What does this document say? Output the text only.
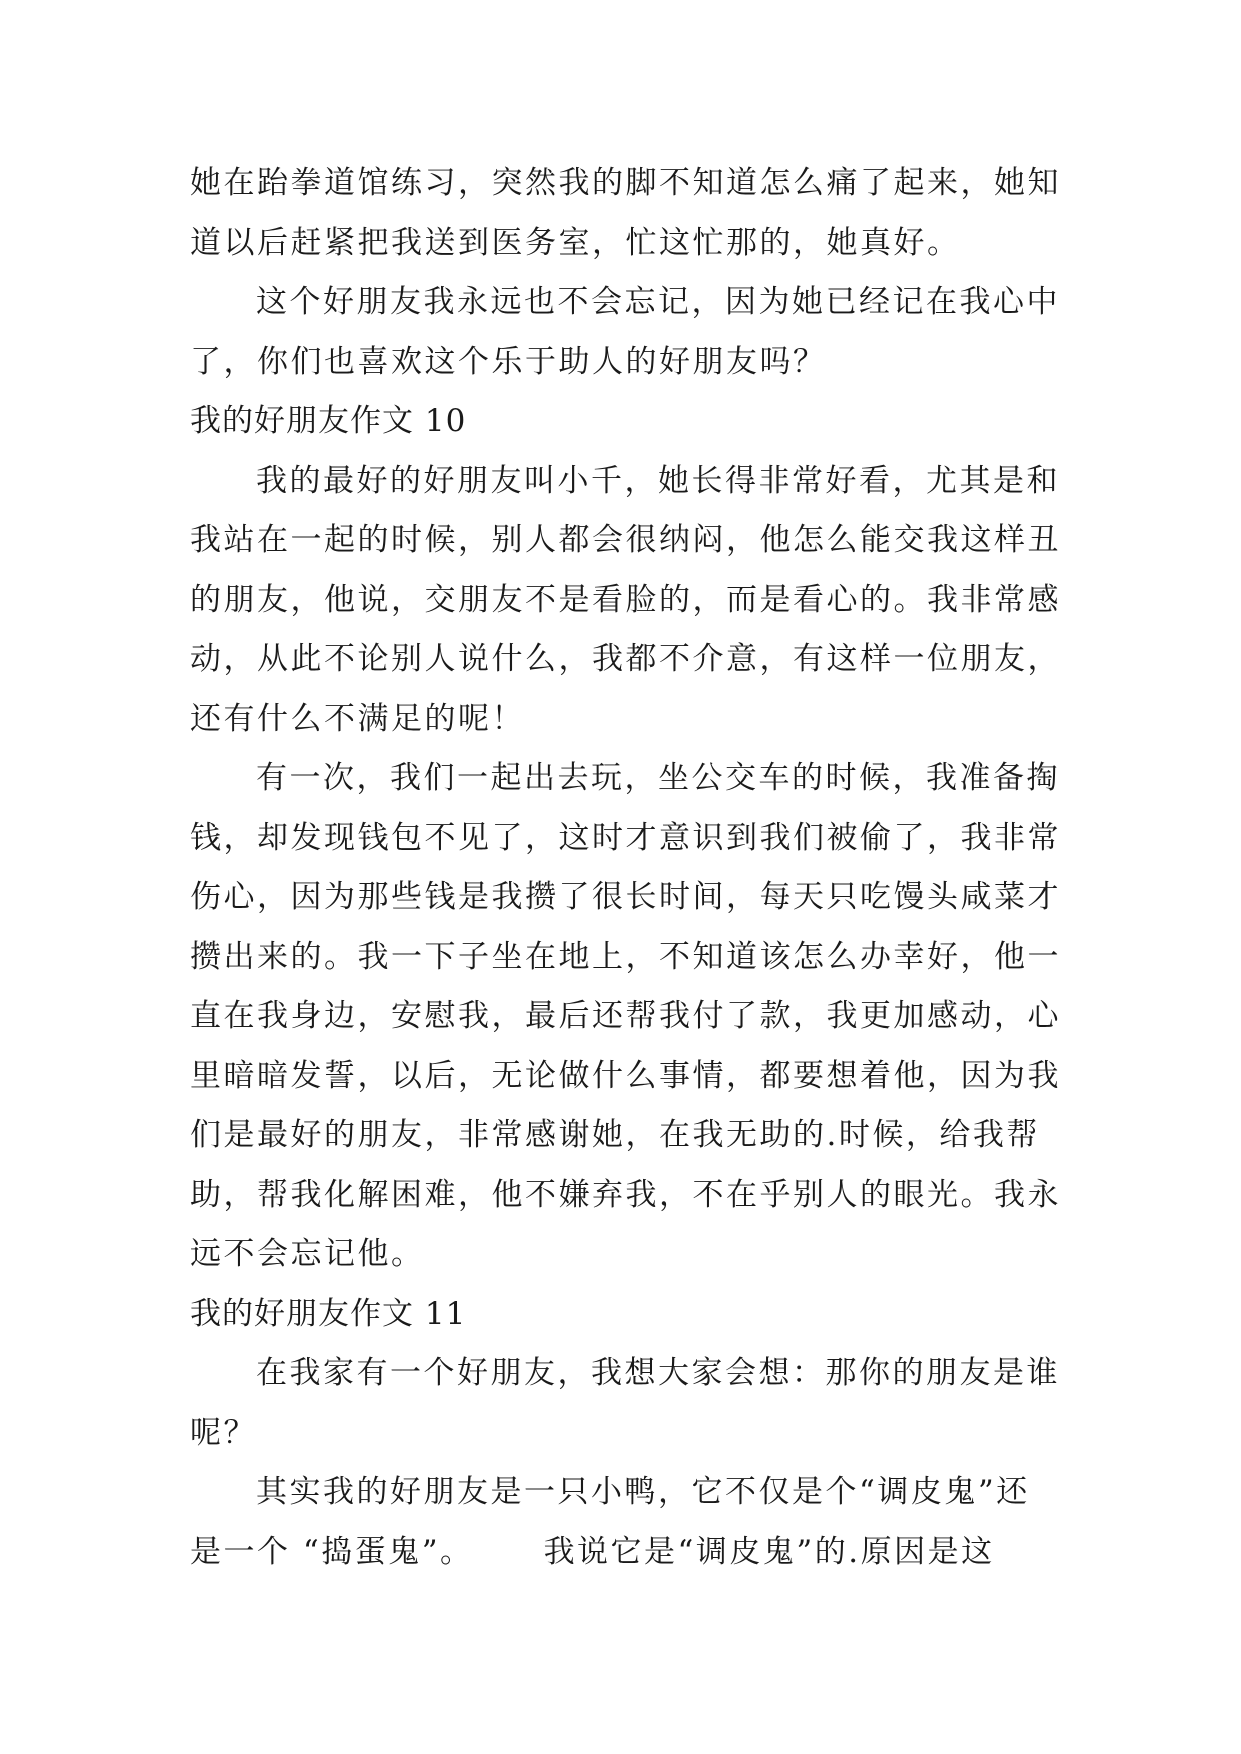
她在跆拳道馆练习，突然我的脚不知道怎么痛了起来，她知
道以后赶紧把我送到医务室，忙这忙那的，她真好。
这个好朋友我永远也不会忘记，因为她已经记在我心中
了，你们也喜欢这个乐于助人的好朋友吗？
我的好朋友作文 10
我的最好的好朋友叫小千，她长得非常好看，尤其是和
我站在一起的时候，别人都会很纳闷，他怎么能交我这样丑
的朋友，他说，交朋友不是看脸的，而是看心的。我非常感
动，从此不论别人说什么，我都不介意，有这样一位朋友，
还有什么不满足的呢！
有一次，我们一起出去玩，坐公交车的时候，我准备掏
钱，却发现钱包不见了，这时才意识到我们被偷了，我非常
伤心，因为那些钱是我攒了很长时间，每天只吃馒头咸菜才
攒出来的。我一下子坐在地上，不知道该怎么办幸好，他一
直在我身边，安慰我，最后还帮我付了款，我更加感动，心
里暗暗发誓，以后，无论做什么事情，都要想着他，因为我
们是最好的朋友，非常感谢她，在我无助的.时候，给我帮
助，帮我化解困难，他不嫌弃我，不在乎别人的眼光。我永
远不会忘记他。
我的好朋友作文 11
在我家有一个好朋友，我想大家会想：那你的朋友是谁
呢？
其实我的好朋友是一只小鸭，它不仅是个“调皮鬼”还
是一个 “捣蛋鬼”。 我说它是“调皮鬼”的.原因是这
